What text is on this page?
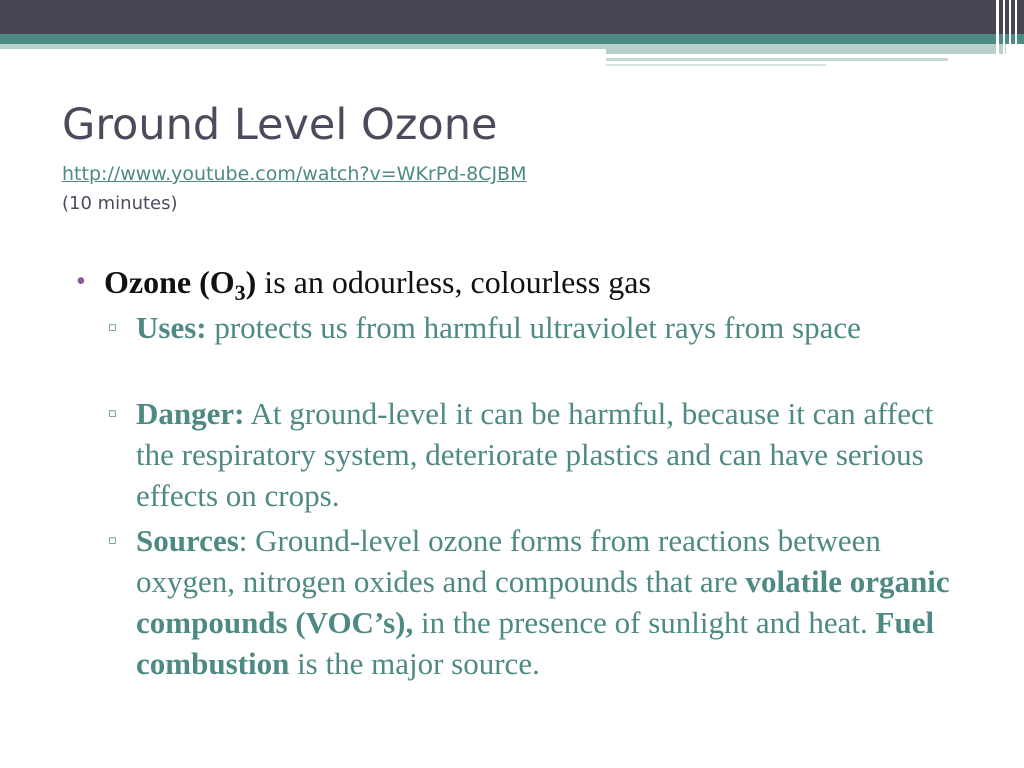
Ground Level Ozone
http://www.youtube.com/watch?v=WKrPd-8CJBM
(10 minutes)
• Ozone $(O_3)$ is an odourless, colourless gas
▫ Uses: protects us from harmful ultraviolet rays from space
▫ Danger: At ground-level it can be harmful, because it can affect the respiratory system, deteriorate plastics and can have serious effects on crops.
▫ Sources: Ground-level ozone forms from reactions between oxygen, nitrogen oxides and compounds that are volatile organic compounds (VOC’s), in the presence of sunlight and heat. Fuel combustion is the major source.
